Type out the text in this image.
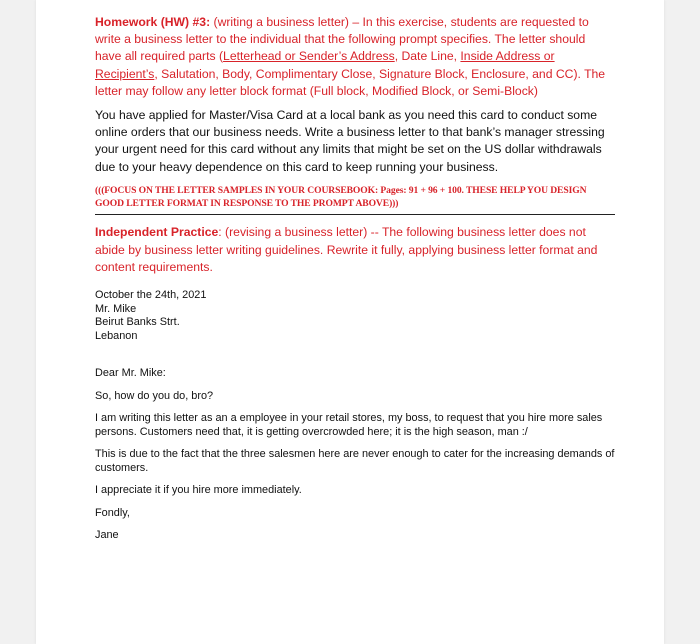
Homework (HW) #3: (writing a business letter) – In this exercise, students are requested to write a business letter to the individual that the following prompt specifies. The letter should have all required parts (Letterhead or Sender’s Address, Date Line, Inside Address or Recipient’s, Salutation, Body, Complimentary Close, Signature Block, Enclosure, and CC). The letter may follow any letter block format (Full block, Modified Block, or Semi-Block)

You have applied for Master/Visa Card at a local bank as you need this card to conduct some online orders that our business needs. Write a business letter to that bank’s manager stressing your urgent need for this card without any limits that might be set on the US dollar withdrawals due to your heavy dependence on this card to keep running your business.

(((FOCUS ON THE LETTER SAMPLES IN YOUR COURSEBOOK: Pages: 91 + 96 + 100. THESE HELP YOU DESIGN GOOD LETTER FORMAT IN RESPONSE TO THE PROMPT ABOVE)))

Independent Practice: (revising a business letter) -- The following business letter does not abide by business letter writing guidelines. Rewrite it fully, applying business letter format and content requirements.

October the 24th, 2021
Mr. Mike
Beirut Banks Strt.
Lebanon
Dear Mr. Mike:
So, how do you do, bro?
I am writing this letter as an a employee in your retail stores, my boss, to request that you hire more sales persons. Customers need that, it is getting overcrowded here; it is the high season, man :/
This is due to the fact that the three salesmen here are never enough to cater for the increasing demands of customers.
I appreciate it if you hire more immediately.
Fondly,
Jane
